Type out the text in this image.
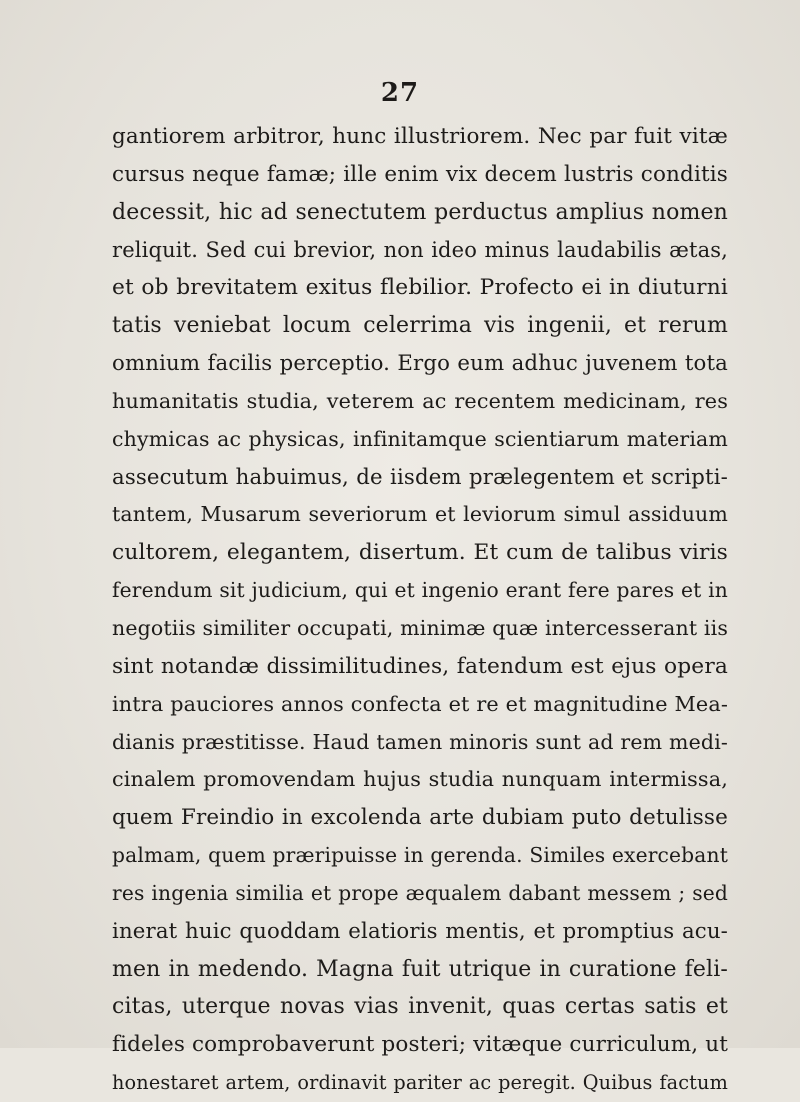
27
gantiorem arbitror, hunc illustriorem. Nec par fuit vitæ
cursus neque famæ; ille enim vix decem lustris conditis
decessit, hic ad senectutem perductus amplius nomen
reliquit. Sed cui brevior, non ideo minus laudabilis ætas,
et ob brevitatem exitus flebilior. Profecto ei in diuturni
tatis veniebat locum celerrima vis ingenii, et rerum
omnium facilis perceptio. Ergo eum adhuc juvenem tota
humanitatis studia, veterem ac recentem medicinam, res
chymicas ac physicas, infinitamque scientiarum materiam
assecutum habuimus, de iisdem prælegentem et scripti-
tantem, Musarum severiorum et leviorum simul assiduum
cultorem, elegantem, disertum. Et cum de talibus viris
ferendum sit judicium, qui et ingenio erant fere pares et in
negotiis similiter occupati, minimæ quæ intercesserant iis
sint notandæ dissimilitudines, fatendum est ejus opera
intra pauciores annos confecta et re et magnitudine Mea-
dianis præstitisse. Haud tamen minoris sunt ad rem medi-
cinalem promovendam hujus studia nunquam intermissa,
quem Freindio in excolenda arte dubiam puto detulisse
palmam, quem præripuisse in gerenda. Similes exercebant
res ingenia similia et prope æqualem dabant messem ; sed
inerat huic quoddam elatioris mentis, et promptius acu-
men in medendo. Magna fuit utrique in curatione feli-
citas, uterque novas vias invenit, quas certas satis et
fideles comprobaverunt posteri; vitæque curriculum, ut
honestaret artem, ordinavit pariter ac peregit. Quibus factum
